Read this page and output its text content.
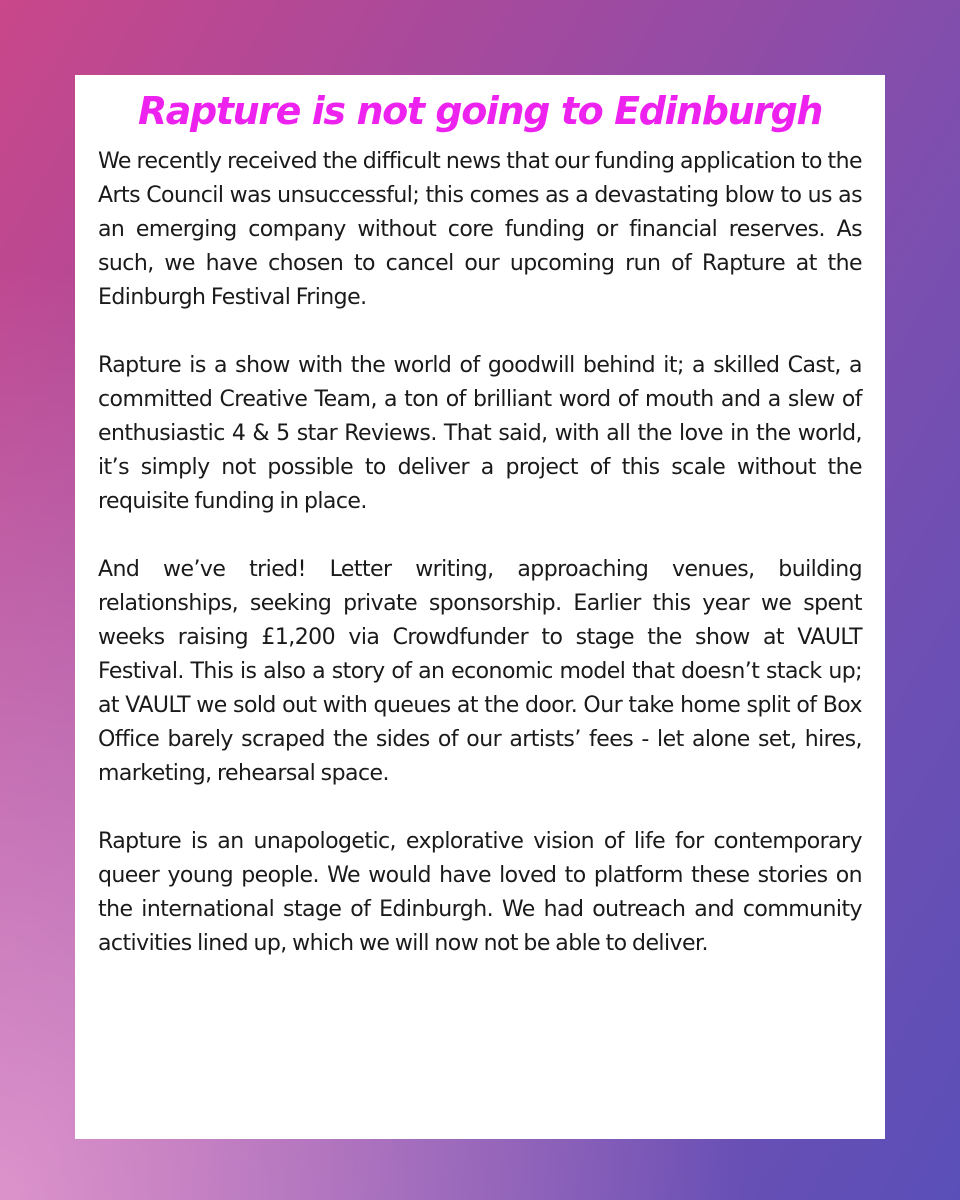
Rapture is not going to Edinburgh

We recently received the difficult news that our funding application to the Arts Council was unsuccessful; this comes as a devastating blow to us as an emerging company without core funding or financial reserves. As such, we have chosen to cancel our upcoming run of Rapture at the Edinburgh Festival Fringe.

Rapture is a show with the world of goodwill behind it; a skilled Cast, a committed Creative Team, a ton of brilliant word of mouth and a slew of enthusiastic 4 & 5 star Reviews. That said, with all the love in the world, it’s simply not possible to deliver a project of this scale without the requisite funding in place.

And we’ve tried! Letter writing, approaching venues, building relationships, seeking private sponsorship. Earlier this year we spent weeks raising £1,200 via Crowdfunder to stage the show at VAULT Festival. This is also a story of an economic model that doesn’t stack up; at VAULT we sold out with queues at the door. Our take home split of Box Office barely scraped the sides of our artists’ fees - let alone set, hires, marketing, rehearsal space.

Rapture is an unapologetic, explorative vision of life for contemporary queer young people. We would have loved to platform these stories on the international stage of Edinburgh. We had outreach and community activities lined up, which we will now not be able to deliver.
